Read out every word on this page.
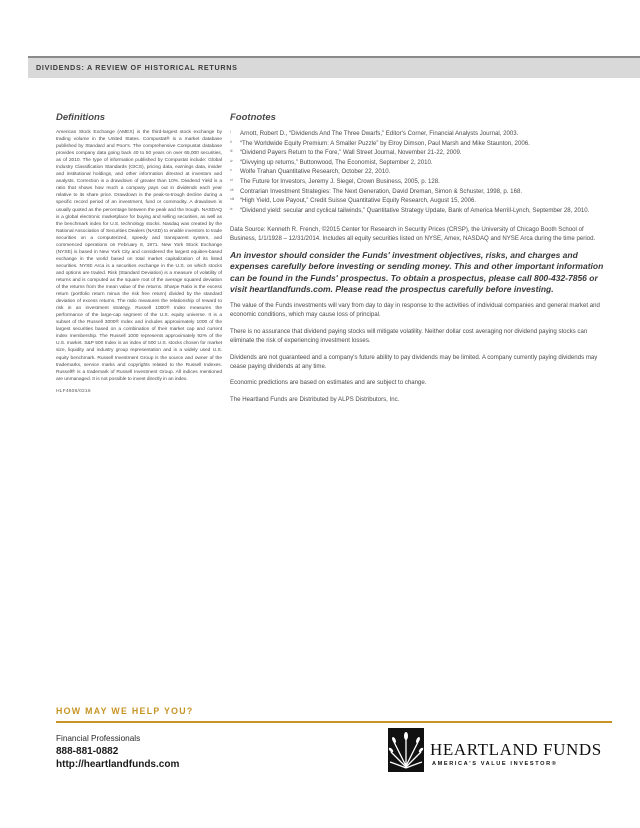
DIVIDENDS: A REVIEW OF HISTORICAL RETURNS
Definitions

American Stock Exchange (AMEX) is the third-largest stock exchange by trading volume in the United States. Compustat® is a market database published by Standard and Poor's. The comprehensive Compustat database provides company data going back 40 to 50 years on over 65,000 securities, as of 2010. The type of information published by Compustat include: Global Industry Classification Standards (GICS), pricing data, earnings data, insider and institutional holdings, and other information directed at investors and analysts. Correction is a drawdown of greater than 10%. Dividend Yield is a ratio that shows how much a company pays out in dividends each year relative to its share price. Drawdown is the peak-to-trough decline during a specific record period of an investment, fund or commodity. A drawdown is usually quoted as the percentage between the peak and the trough. NASDAQ is a global electronic marketplace for buying and selling securities, as well as the benchmark index for U.S. technology stocks. Nasdaq was created by the National Association of Securities Dealers (NASD) to enable investors to trade securities on a computerized, speedy and transparent system, and commenced operations on February 8, 1971. New York Stock Exchange (NYSE) is based in New York City and considered the largest equities-based exchange in the world based on total market capitalization of its listed securities. NYSE Arca is a securities exchange in the U.S. on which stocks and options are traded. Risk (Standard Deviation) is a measure of volatility of returns and is computed as the square root of the average squared deviation of the returns from the mean value of the returns. Sharpe Ratio is the excess return (portfolio return minus the risk free return) divided by the standard deviation of excess returns. The ratio measures the relationship of reward to risk in an investment strategy. Russell 1000® Index measures the performance of the large-cap segment of the U.S. equity universe. It is a subset of the Russell 3000® Index and includes approximately 1000 of the largest securities based on a combination of their market cap and current index membership. The Russell 1000 represents approximately 92% of the U.S. market. S&P 500 Index is an index of 500 U.S. stocks chosen for market size, liquidity and industry group representation and is a widely used U.S. equity benchmark. Russell Investment Group is the source and owner of the trademarks, service marks and copyrights related to the Russell Indexes. Russell® is a trademark of Russell Investment Group. All indices mentioned are unmanaged. It is not possible to invest directly in an index.

HLF4606/0216
Footnotes
i Arnott, Robert D., “Dividends And The Three Dwarfs,” Editor's Corner, Financial Analysts Journal, 2003.
ii “The Worldwide Equity Premium: A Smaller Puzzle” by Elroy Dimson, Paul Marsh and Mike Staunton, 2006.
iii “Dividend Payers Return to the Fore,” Wall Street Journal, November 21-22, 2009.
iv “Divvying up returns,” Buttonwood, The Economist, September 2, 2010.
v Wolfe Trahan Quantitative Research, October 22, 2010.
vi The Future for Investors, Jeremy J. Siegel, Crown Business, 2005, p. 128.
vii Contrarian Investment Strategies: The Next Generation, David Dreman, Simon & Schuster, 1998, p. 168.
viii “High Yield, Low Payout,” Credit Suisse Quantitative Equity Research, August 15, 2006.
ix “Dividend yield: secular and cyclical tailwinds,” Quantitative Strategy Update, Bank of America Merrill-Lynch, September 28, 2010.

Data Source: Kenneth R. French, ©2015 Center for Research in Security Prices (CRSP), the University of Chicago Booth School of Business, 1/1/1928 – 12/31/2014. Includes all equity securities listed on NYSE, Amex, NASDAQ and NYSE Arca during the time period.

An investor should consider the Funds' investment objectives, risks, and charges and expenses carefully before investing or sending money. This and other important information can be found in the Funds' prospectus. To obtain a prospectus, please call 800-432-7856 or visit heartlandfunds.com. Please read the prospectus carefully before investing.

The value of the Funds investments will vary from day to day in response to the activities of individual companies and general market and economic conditions, which may cause loss of principal.

There is no assurance that dividend paying stocks will mitigate volatility. Neither dollar cost averaging nor dividend paying stocks can eliminate the risk of experiencing investment losses.

Dividends are not guaranteed and a company's future ability to pay dividends may be limited. A company currently paying dividends may cease paying dividends at any time.

Economic predictions are based on estimates and are subject to change.

The Heartland Funds are Distributed by ALPS Distributors, Inc.

HOW MAY WE HELP YOU?
Financial Professionals
888-881-0882
http://heartlandfunds.com
HEARTLAND FUNDS
AMERICA'S VALUE INVESTOR®
